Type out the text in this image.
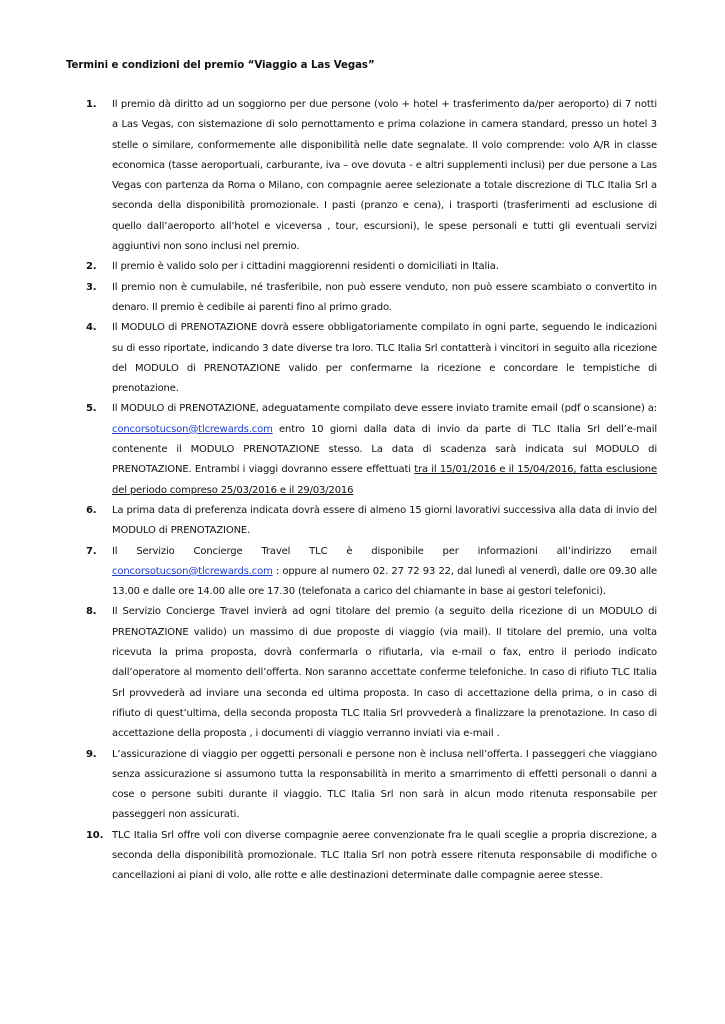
Termini e condizioni del premio “Viaggio a Las Vegas”
1. Il premio dà diritto ad un soggiorno per due persone (volo + hotel + trasferimento da/per aeroporto) di 7 notti a Las Vegas, con sistemazione di solo pernottamento e prima colazione in camera standard, presso un hotel 3 stelle o similare, conformemente alle disponibilità nelle date segnalate. Il volo comprende: volo A/R in classe economica (tasse aeroportuali, carburante, iva – ove dovuta - e altri supplementi inclusi) per due persone a Las Vegas con partenza da Roma o Milano, con compagnie aeree selezionate a totale discrezione di TLC Italia Srl a seconda della disponibilità promozionale. I pasti (pranzo e cena), i trasporti (trasferimenti ad esclusione di quello dall’aeroporto all’hotel e viceversa , tour, escursioni), le spese personali e tutti gli eventuali servizi aggiuntivi non sono inclusi nel premio.
2. Il premio è valido solo per i cittadini maggiorenni residenti o domiciliati in Italia.
3. Il premio non è cumulabile, né trasferibile, non può essere venduto, non può essere scambiato o convertito in denaro. Il premio è cedibile ai parenti fino al primo grado.
4. Il MODULO di PRENOTAZIONE dovrà essere obbligatoriamente compilato in ogni parte, seguendo le indicazioni su di esso riportate, indicando 3 date diverse tra loro. TLC Italia Srl contatterà i vincitori in seguito alla ricezione del MODULO di PRENOTAZIONE valido per confermarne la ricezione e concordare le tempistiche di prenotazione.
5. Il MODULO di PRENOTAZIONE, adeguatamente compilato deve essere inviato tramite email (pdf o scansione) a: concorsotucson@tlcrewards.com entro 10 giorni dalla data di invio da parte di TLC Italia Srl dell’e-mail contenente il MODULO PRENOTAZIONE stesso. La data di scadenza sarà indicata sul MODULO di PRENOTAZIONE. Entrambi i viaggi dovranno essere effettuati tra il 15/01/2016 e il 15/04/2016, fatta esclusione del periodo compreso 25/03/2016 e il 29/03/2016
6. La prima data di preferenza indicata dovrà essere di almeno 15 giorni lavorativi successiva alla data di invio del MODULO di PRENOTAZIONE.
7. Il Servizio Concierge Travel TLC è disponibile per informazioni all’indirizzo email concorsotucson@tlcrewards.com : oppure al numero 02. 27 72 93 22, dal lunedì al venerdì, dalle ore 09.30 alle 13.00 e dalle ore 14.00 alle ore 17.30 (telefonata a carico del chiamante in base ai gestori telefonici).
8. Il Servizio Concierge Travel invierà ad ogni titolare del premio (a seguito della ricezione di un MODULO di PRENOTAZIONE valido) un massimo di due proposte di viaggio (via mail). Il titolare del premio, una volta ricevuta la prima proposta, dovrà confermarla o rifiutarla, via e-mail o fax, entro il periodo indicato dall’operatore al momento dell’offerta. Non saranno accettate conferme telefoniche. In caso di rifiuto TLC Italia Srl provvederà ad inviare una seconda ed ultima proposta. In caso di accettazione della prima, o in caso di rifiuto di quest’ultima, della seconda proposta TLC Italia Srl provvederà a finalizzare la prenotazione. In caso di accettazione della proposta , i documenti di viaggio verranno inviati via e-mail .
9. L’assicurazione di viaggio per oggetti personali e persone non è inclusa nell’offerta. I passeggeri che viaggiano senza assicurazione si assumono tutta la responsabilità in merito a smarrimento di effetti personali o danni a cose o persone subiti durante il viaggio. TLC Italia Srl non sarà in alcun modo ritenuta responsabile per passeggeri non assicurati.
10. TLC Italia Srl offre voli con diverse compagnie aeree convenzionate fra le quali sceglie a propria discrezione, a seconda della disponibilità promozionale. TLC Italia Srl non potrà essere ritenuta responsabile di modifiche o cancellazioni ai piani di volo, alle rotte e alle destinazioni determinate dalle compagnie aeree stesse.
